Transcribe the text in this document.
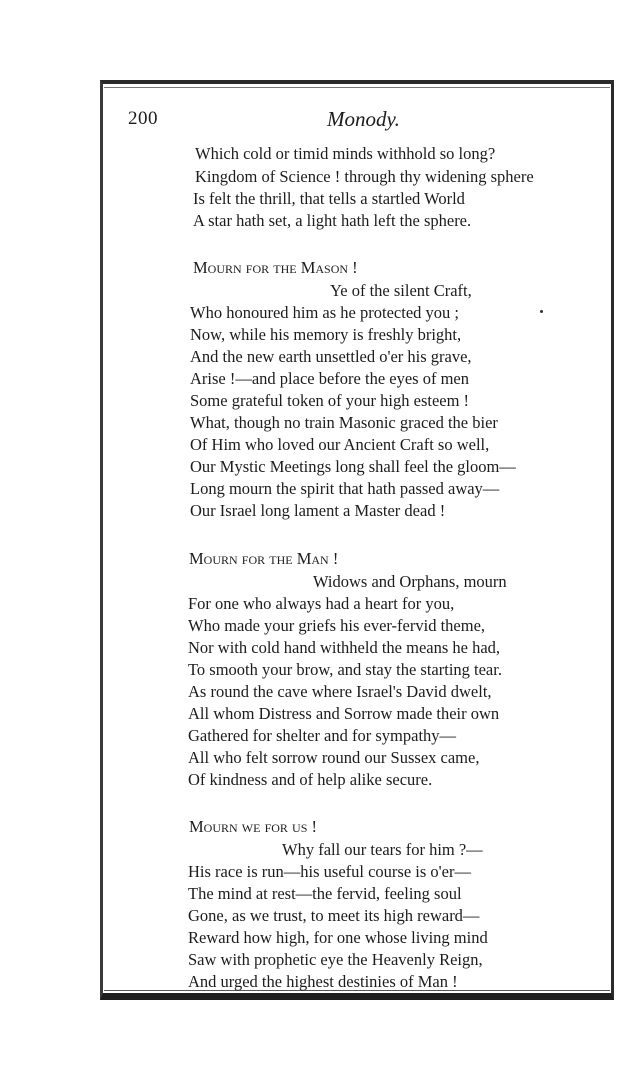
200	Monody.
Which cold or timid minds withhold so long?
Kingdom of Science ! through thy widening sphere
Is felt the thrill, that tells a startled World
A star hath set, a light hath left the sphere.
Mourn for the Mason !
Ye of the silent Craft,
Who honoured him as he protected you ;
Now, while his memory is freshly bright,
And the new earth unsettled o'er his grave,
Arise !—and place before the eyes of men
Some grateful token of your high esteem !
What, though no train Masonic graced the bier
Of Him who loved our Ancient Craft so well,
Our Mystic Meetings long shall feel the gloom—
Long mourn the spirit that hath passed away—
Our Israel long lament a Master dead !
Mourn for the Man !
Widows and Orphans, mourn
For one who always had a heart for you,
Who made your griefs his ever-fervid theme,
Nor with cold hand withheld the means he had,
To smooth your brow, and stay the starting tear.
As round the cave where Israel's David dwelt,
All whom Distress and Sorrow made their own
Gathered for shelter and for sympathy—
All who felt sorrow round our Sussex came,
Of kindness and of help alike secure.
Mourn we for us !
Why fall our tears for him ?—
His race is run—his useful course is o'er—
The mind at rest—the fervid, feeling soul
Gone, as we trust, to meet its high reward—
Reward how high, for one whose living mind
Saw with prophetic eye the Heavenly Reign,
And urged the highest destinies of Man !
